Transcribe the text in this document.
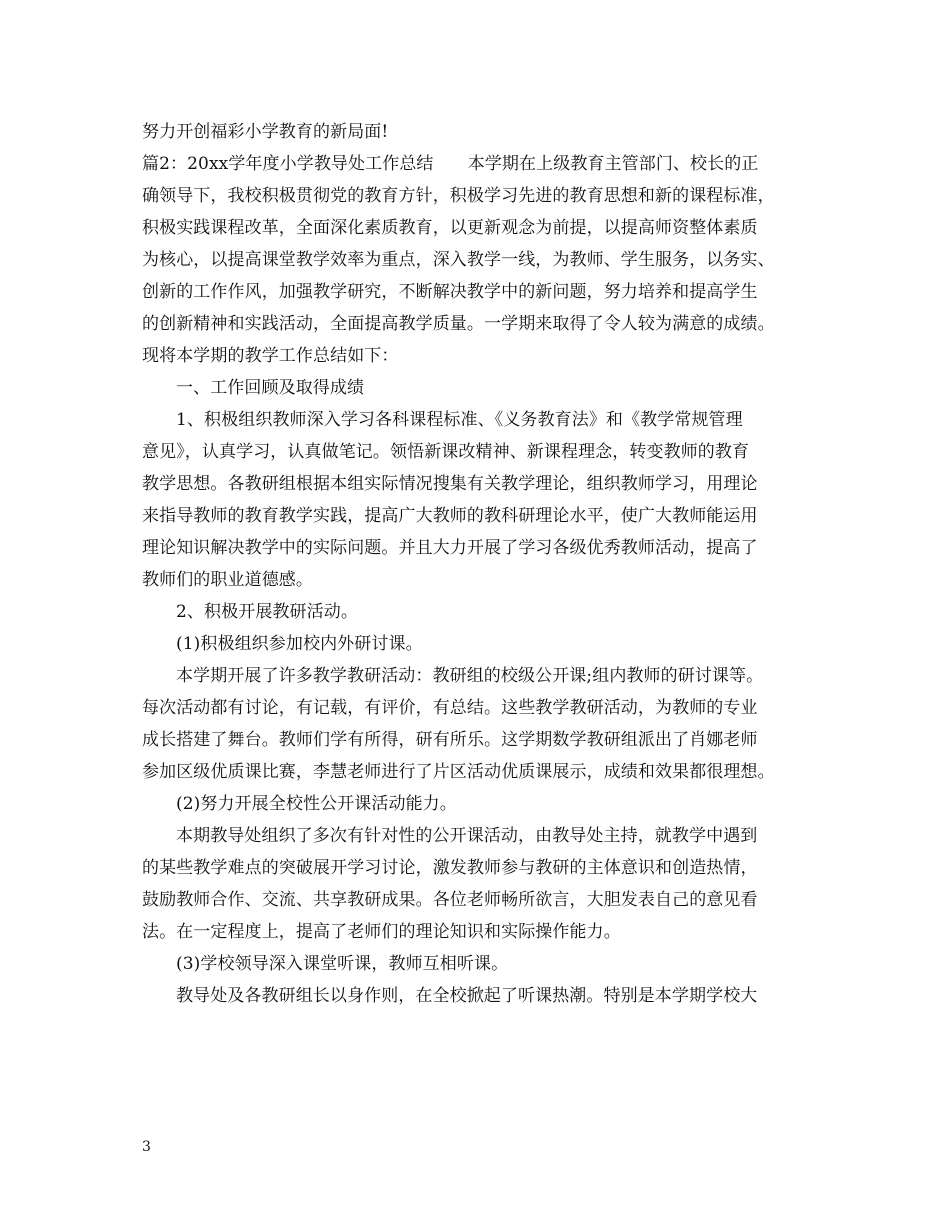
努力开创福彩小学教育的新局面!
篇2：20xx学年度小学教导处工作总结　　本学期在上级教育主管部门、校长的正
确领导下，我校积极贯彻党的教育方针，积极学习先进的教育思想和新的课程标准，
积极实践课程改革，全面深化素质教育，以更新观念为前提，以提高师资整体素质
为核心，以提高课堂教学效率为重点，深入教学一线，为教师、学生服务，以务实、
创新的工作作风，加强教学研究，不断解决教学中的新问题，努力培养和提高学生
的创新精神和实践活动，全面提高教学质量。一学期来取得了令人较为满意的成绩。
现将本学期的教学工作总结如下：
一、工作回顾及取得成绩
1、积极组织教师深入学习各科课程标准、《义务教育法》和《教学常规管理
意见》，认真学习，认真做笔记。领悟新课改精神、新课程理念，转变教师的教育
教学思想。各教研组根据本组实际情况搜集有关教学理论，组织教师学习，用理论
来指导教师的教育教学实践，提高广大教师的教科研理论水平，使广大教师能运用
理论知识解决教学中的实际问题。并且大力开展了学习各级优秀教师活动，提高了
教师们的职业道德感。
2、积极开展教研活动。
(1)积极组织参加校内外研讨课。
本学期开展了许多教学教研活动：教研组的校级公开课;组内教师的研讨课等。
每次活动都有讨论，有记载，有评价，有总结。这些教学教研活动，为教师的专业
成长搭建了舞台。教师们学有所得，研有所乐。这学期数学教研组派出了肖娜老师
参加区级优质课比赛，李慧老师进行了片区活动优质课展示，成绩和效果都很理想。
(2)努力开展全校性公开课活动能力。
本期教导处组织了多次有针对性的公开课活动，由教导处主持，就教学中遇到
的某些教学难点的突破展开学习讨论，激发教师参与教研的主体意识和创造热情，
鼓励教师合作、交流、共享教研成果。各位老师畅所欲言，大胆发表自己的意见看
法。在一定程度上，提高了老师们的理论知识和实际操作能力。
(3)学校领导深入课堂听课，教师互相听课。
教导处及各教研组长以身作则，在全校掀起了听课热潮。特别是本学期学校大
3
